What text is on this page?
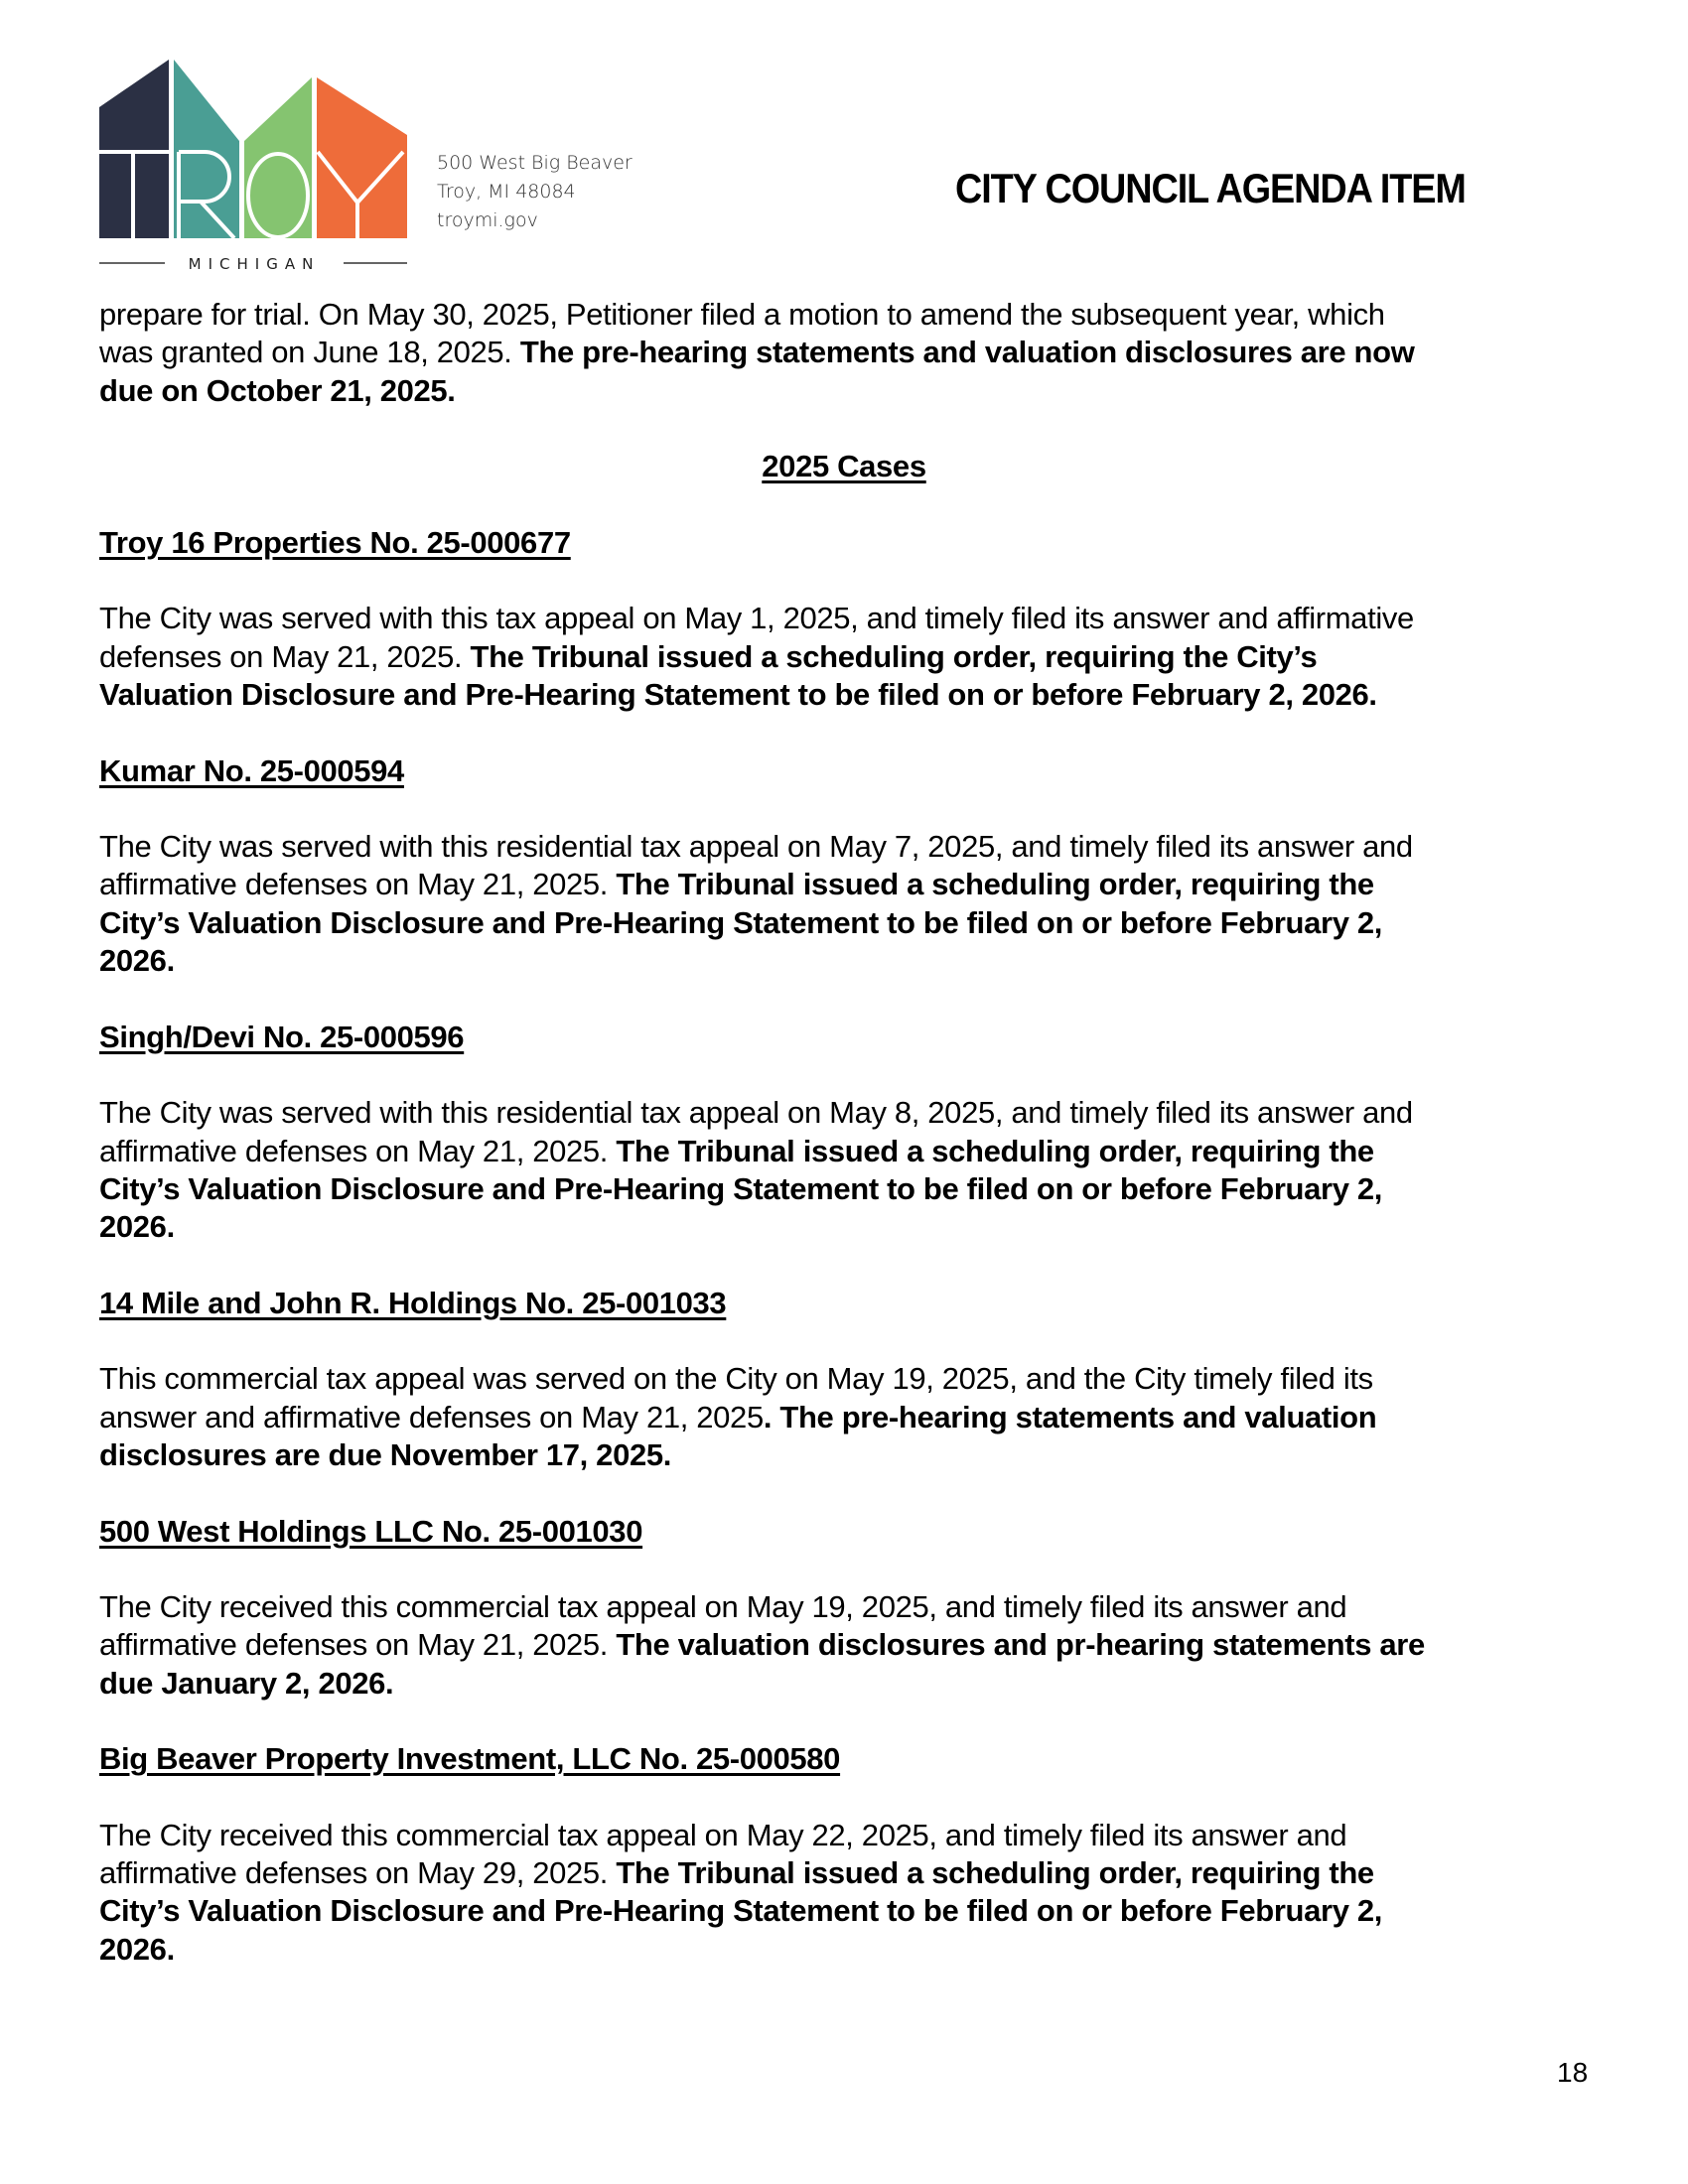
MICHIGAN
500 West Big Beaver
Troy, MI 48084
troymi.gov
CITY COUNCIL AGENDA ITEM

prepare for trial. On May 30, 2025, Petitioner filed a motion to amend the subsequent year, which
was granted on June 18, 2025. The pre-hearing statements and valuation disclosures are now
due on October 21, 2025.

2025 Cases

Troy 16 Properties No. 25-000677

The City was served with this tax appeal on May 1, 2025, and timely filed its answer and affirmative
defenses on May 21, 2025. The Tribunal issued a scheduling order, requiring the City’s
Valuation Disclosure and Pre-Hearing Statement to be filed on or before February 2, 2026.

Kumar No. 25-000594

The City was served with this residential tax appeal on May 7, 2025, and timely filed its answer and
affirmative defenses on May 21, 2025. The Tribunal issued a scheduling order, requiring the
City’s Valuation Disclosure and Pre-Hearing Statement to be filed on or before February 2,
2026.

Singh/Devi No. 25-000596

The City was served with this residential tax appeal on May 8, 2025, and timely filed its answer and
affirmative defenses on May 21, 2025. The Tribunal issued a scheduling order, requiring the
City’s Valuation Disclosure and Pre-Hearing Statement to be filed on or before February 2,
2026.

14 Mile and John R. Holdings No. 25-001033

This commercial tax appeal was served on the City on May 19, 2025, and the City timely filed its
answer and affirmative defenses on May 21, 2025. The pre-hearing statements and valuation
disclosures are due November 17, 2025.

500 West Holdings LLC No. 25-001030

The City received this commercial tax appeal on May 19, 2025, and timely filed its answer and
affirmative defenses on May 21, 2025. The valuation disclosures and pr-hearing statements are
due January 2, 2026.

Big Beaver Property Investment, LLC No. 25-000580

The City received this commercial tax appeal on May 22, 2025, and timely filed its answer and
affirmative defenses on May 29, 2025. The Tribunal issued a scheduling order, requiring the
City’s Valuation Disclosure and Pre-Hearing Statement to be filed on or before February 2,
2026.

18
